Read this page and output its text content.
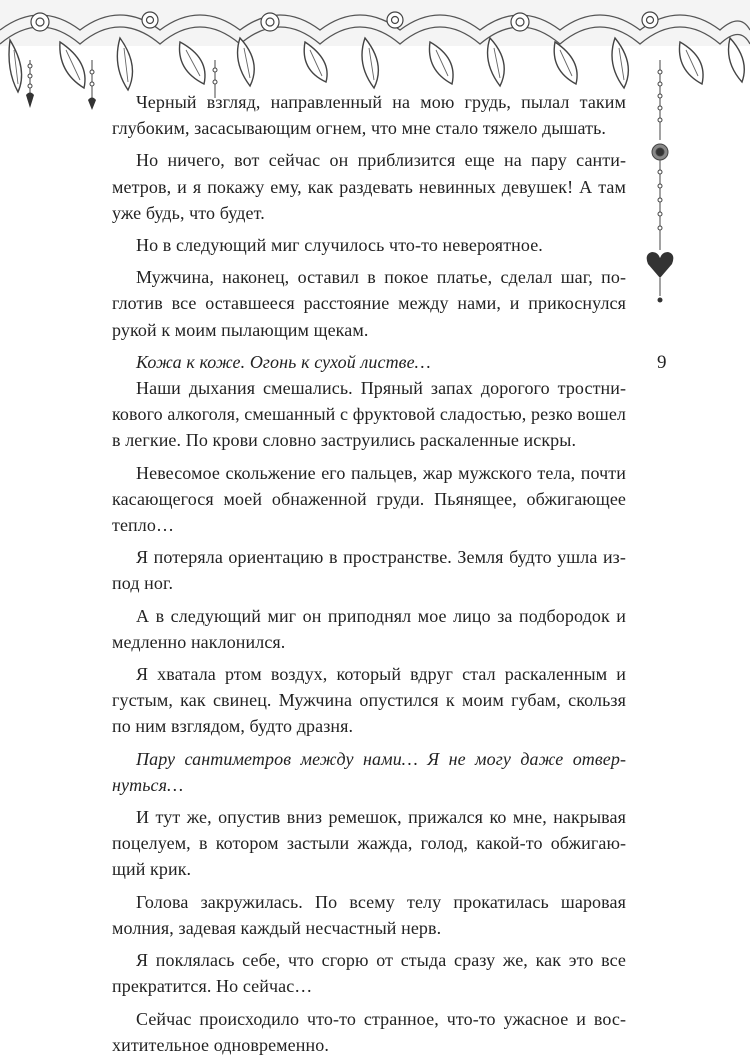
9

Черный взгляд, направленный на мою грудь, пылал таким глубоким, засасывающим огнем, что мне стало тяжело дышать.

Но ничего, вот сейчас он приблизится еще на пару сантиметров, и я покажу ему, как раздевать невинных девушек! А там уже будь, что будет.

Но в следующий миг случилось что-то невероятное.

Мужчина, наконец, оставил в покое платье, сделал шаг, поглотив все оставшееся расстояние между нами, и прикоснулся рукой к моим пылающим щекам.

Кожа к коже. Огонь к сухой листве…

Наши дыхания смешались. Пряный запах дорогого тростникового алкоголя, смешанный с фруктовой сладостью, резко вошел в легкие. По крови словно заструились раскаленные искры.

Невесомое скольжение его пальцев, жар мужского тела, почти касающегося моей обнаженной груди. Пьянящее, обжигающее тепло…

Я потеряла ориентацию в пространстве. Земля будто ушла из-под ног.

А в следующий миг он приподнял мое лицо за подбородок и медленно наклонился.

Я хватала ртом воздух, который вдруг стал раскаленным и густым, как свинец. Мужчина опустился к моим губам, скользя по ним взглядом, будто дразня.

Пару сантиметров между нами… Я не могу даже отвернуться…

И тут же, опустив вниз ремешок, прижался ко мне, накрывая поцелуем, в котором застыли жажда, голод, какой-то обжигающий крик.

Голова закружилась. По всему телу прокатилась шаровая молния, задевая каждый несчастный нерв.

Я поклялась себе, что сгорю от стыда сразу же, как это все прекратится. Но сейчас…

Сейчас происходило что-то странное, что-то ужасное и восхитительное одновременно.
